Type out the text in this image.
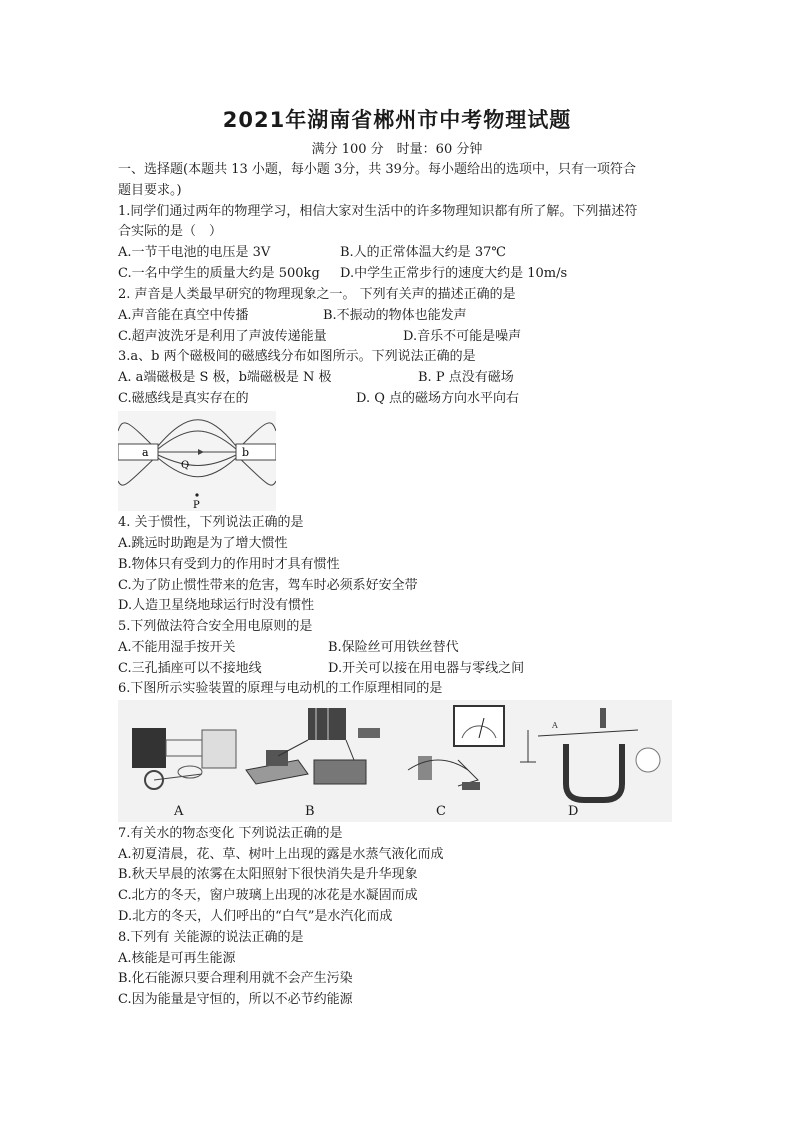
2021年湖南省郴州市中考物理试题
满分 100 分　时量：60 分钟
一、选择题(本题共 13 小题，每小题 3分，共 39分。每小题给出的选项中，只有一项符合
题目要求。)
1.同学们通过两年的物理学习，相信大家对生活中的许多物理知识都有所了解。下列描述符
合实际的是（　）
A.一节干电池的电压是 3V	B.人的正常体温大约是 37℃
C.一名中学生的质量大约是 500kg D.中学生正常步行的速度大约是 10m/s
2. 声音是人类最早研究的物理现象之一。 下列有关声的描述正确的是
A.声音能在真空中传播	B.不振动的物体也能发声
C.超声波洗牙是利用了声波传递能量	D.音乐不可能是噪声
3.a、b 两个磁极间的磁感线分布如图所示。下列说法正确的是
A. a端磁极是 S 极，b端磁极是 N 极	B. P 点没有磁场
C.磁感线是真实存在的	D. Q 点的磁场方向水平向右
a	b
Q
P
4. 关于惯性，下列说法正确的是
A.跳远时助跑是为了增大惯性
B.物体只有受到力的作用时才具有惯性
C.为了防止惯性带来的危害，驾车时必须系好安全带
D.人造卫星绕地球运行时没有惯性
5.下列做法符合安全用电原则的是
A.不能用湿手按开关	B.保险丝可用铁丝替代
C.三孔插座可以不接地线	D.开关可以接在用电器与零线之间
6.下图所示实验装置的原理与电动机的工作原理相同的是
A
A	B	C	D
7.有关水的物态变化 下列说法正确的是
A.初夏清晨，花、草、树叶上出现的露是水蒸气液化而成
B.秋天早晨的浓雾在太阳照射下很快消失是升华现象
C.北方的冬天，窗户玻璃上出现的冰花是水凝固而成
D.北方的冬天，人们呼出的“白气”是水汽化而成
8.下列有 关能源的说法正确的是
A.核能是可再生能源
B.化石能源只要合理利用就不会产生污染
C.因为能量是守恒的，所以不必节约能源
